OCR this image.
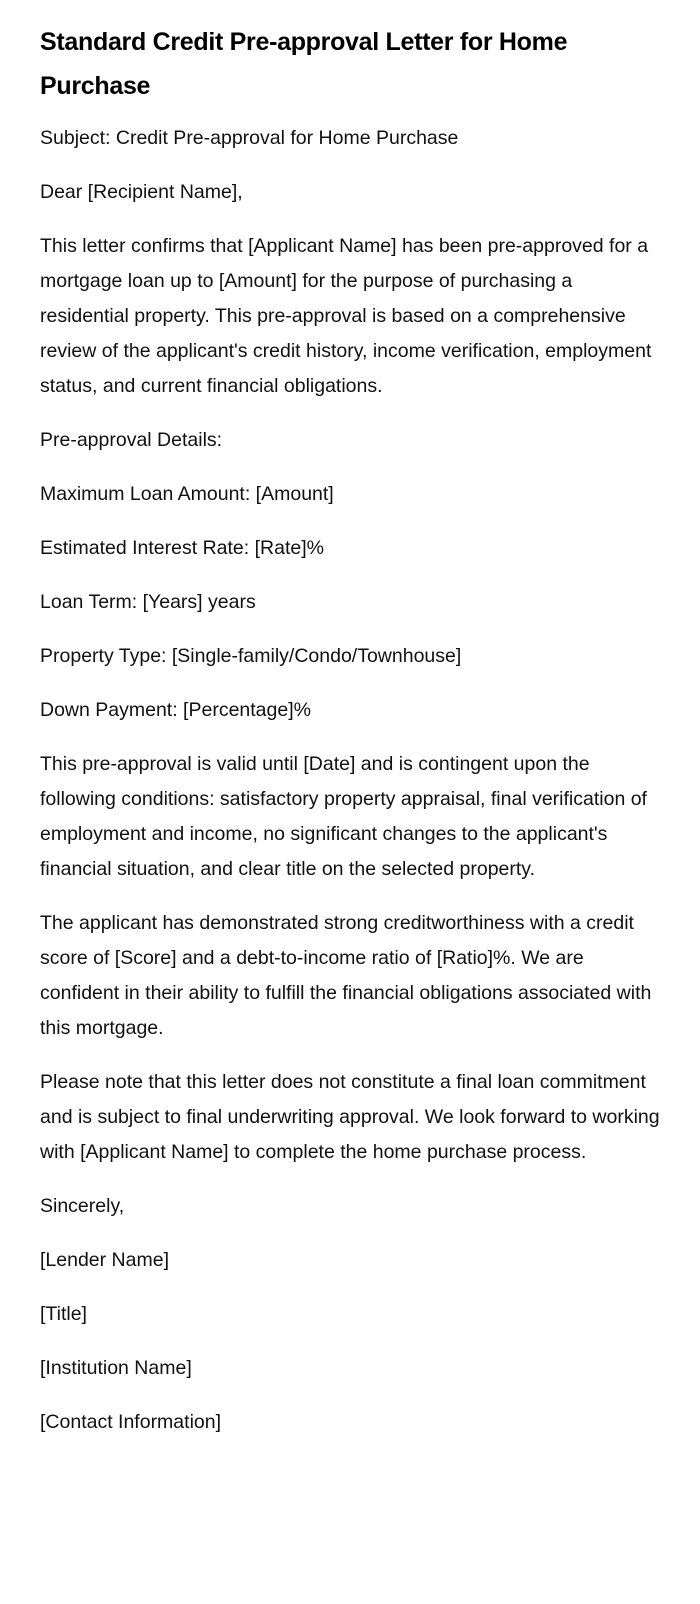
Standard Credit Pre-approval Letter for Home Purchase

Subject: Credit Pre-approval for Home Purchase

Dear [Recipient Name],

This letter confirms that [Applicant Name] has been pre-approved for a mortgage loan up to [Amount] for the purpose of purchasing a residential property. This pre-approval is based on a comprehensive review of the applicant's credit history, income verification, employment status, and current financial obligations.

Pre-approval Details:

Maximum Loan Amount: [Amount]

Estimated Interest Rate: [Rate]%

Loan Term: [Years] years

Property Type: [Single-family/Condo/Townhouse]

Down Payment: [Percentage]%

This pre-approval is valid until [Date] and is contingent upon the following conditions: satisfactory property appraisal, final verification of employment and income, no significant changes to the applicant's financial situation, and clear title on the selected property.

The applicant has demonstrated strong creditworthiness with a credit score of [Score] and a debt-to-income ratio of [Ratio]%. We are confident in their ability to fulfill the financial obligations associated with this mortgage.

Please note that this letter does not constitute a final loan commitment and is subject to final underwriting approval. We look forward to working with [Applicant Name] to complete the home purchase process.

Sincerely,

[Lender Name]

[Title]

[Institution Name]

[Contact Information]
